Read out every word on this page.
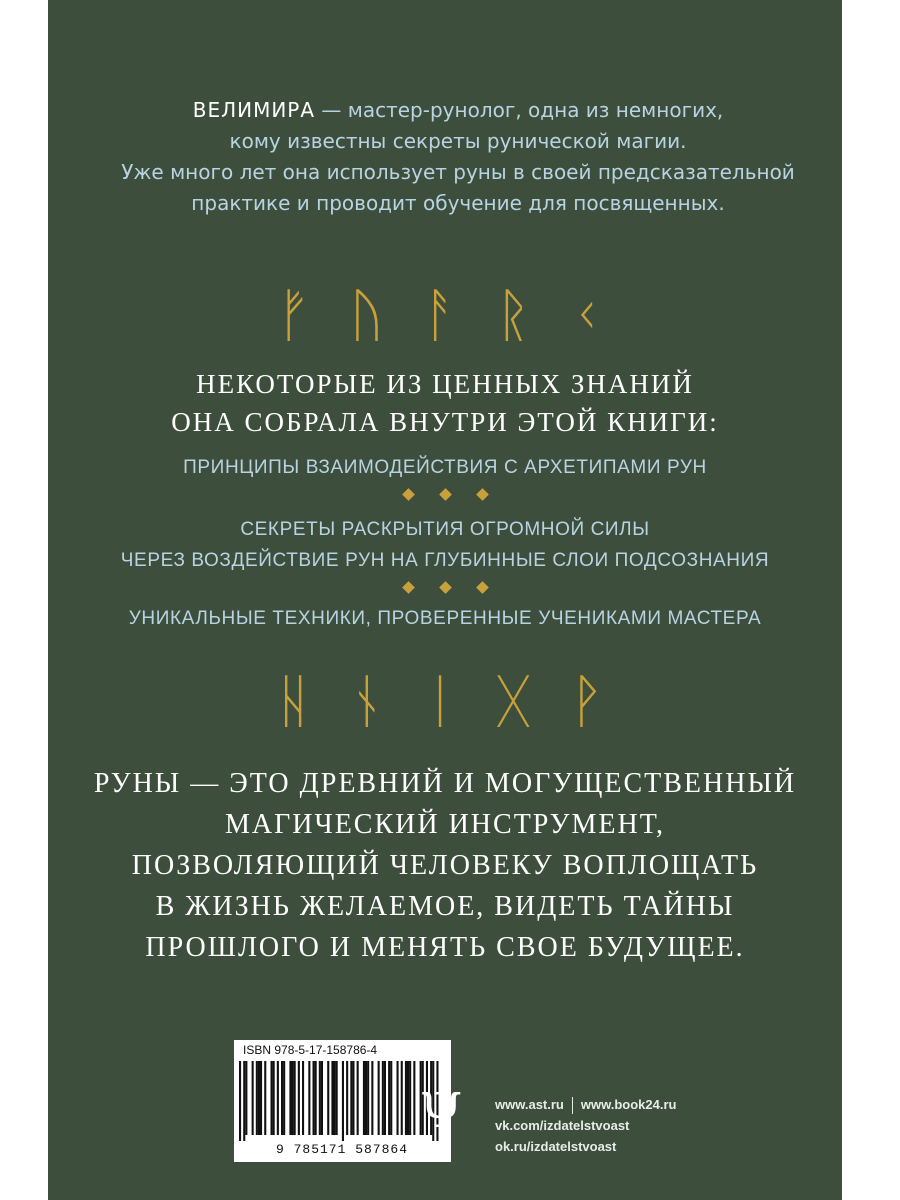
ВЕЛИМИРА — мастер-рунолог, одна из немногих,
кому известны секреты рунической магии.
Уже много лет она использует руны в своей предсказательной
практике и проводит обучение для посвященных.
ᚠ ᚢ ᚨ ᚱ ᚲ
НЕКОТОРЫЕ ИЗ ЦЕННЫХ ЗНАНИЙ
ОНА СОБРАЛА ВНУТРИ ЭТОЙ КНИГИ:
ПРИНЦИПЫ ВЗАИМОДЕЙСТВИЯ С АРХЕТИПАМИ РУН
СЕКРЕТЫ РАСКРЫТИЯ ОГРОМНОЙ СИЛЫ
ЧЕРЕЗ ВОЗДЕЙСТВИЕ РУН НА ГЛУБИННЫЕ СЛОИ ПОДСОЗНАНИЯ
УНИКАЛЬНЫЕ ТЕХНИКИ, ПРОВЕРЕННЫЕ УЧЕНИКАМИ МАСТЕРА
ᚺ ᚾ ᛁ ᚷ ᚹ
РУНЫ — ЭТО ДРЕВНИЙ И МОГУЩЕСТВЕННЫЙ
МАГИЧЕСКИЙ ИНСТРУМЕНТ,
ПОЗВОЛЯЮЩИЙ ЧЕЛОВЕКУ ВОПЛОЩАТЬ
В ЖИЗНЬ ЖЕЛАЕМОЕ, ВИДЕТЬ ТАЙНЫ
ПРОШЛОГО И МЕНЯТЬ СВОЕ БУДУЩЕЕ.
ISBN 978-5-17-158786-4
9 785171 587864
Ψ	www.ast.ru www.book24.ru
vk.com/izdatelstvoast
ok.ru/izdatelstvoast
